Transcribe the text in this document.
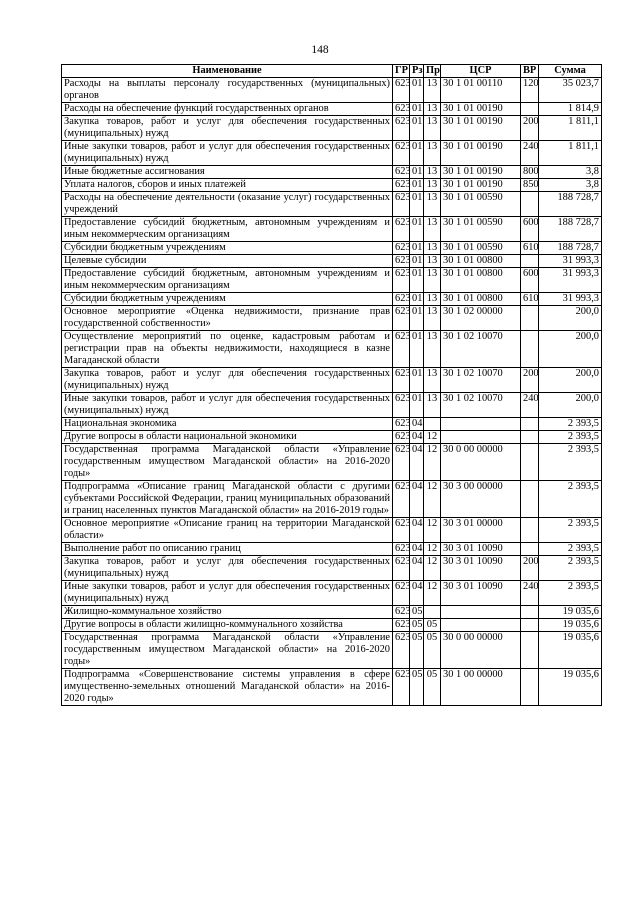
148
Наименование	ГР	Рз	Пр	ЦСР	ВР	Сумма
Расходы на выплаты персоналу государственных (муниципальных) органов	623	01	13	30 1 01 00110	120	35 023,7
Расходы на обеспечение функций государственных органов	623	01	13	30 1 01 00190		1 814,9
Закупка товаров, работ и услуг для обеспечения государственных (муниципальных) нужд	623	01	13	30 1 01 00190	200	1 811,1
Иные закупки товаров, работ и услуг для обеспечения государственных (муниципальных) нужд	623	01	13	30 1 01 00190	240	1 811,1
Иные бюджетные ассигнования	623	01	13	30 1 01 00190	800	3,8
Уплата налогов, сборов и иных платежей	623	01	13	30 1 01 00190	850	3,8
Расходы на обеспечение деятельности (оказание услуг) государственных учреждений	623	01	13	30 1 01 00590		188 728,7
Предоставление субсидий бюджетным, автономным учреждениям и иным некоммерческим организациям	623	01	13	30 1 01 00590	600	188 728,7
Субсидии бюджетным учреждениям	623	01	13	30 1 01 00590	610	188 728,7
Целевые субсидии	623	01	13	30 1 01 00800		31 993,3
Предоставление субсидий бюджетным, автономным учреждениям и иным некоммерческим организациям	623	01	13	30 1 01 00800	600	31 993,3
Субсидии бюджетным учреждениям	623	01	13	30 1 01 00800	610	31 993,3
Основное мероприятие «Оценка недвижимости, признание прав государственной собственности»	623	01	13	30 1 02 00000		200,0
Осуществление мероприятий по оценке, кадастровым работам и регистрации прав на объекты недвижимости, находящиеся в казне Магаданской области	623	01	13	30 1 02 10070		200,0
Закупка товаров, работ и услуг для обеспечения государственных (муниципальных) нужд	623	01	13	30 1 02 10070	200	200,0
Иные закупки товаров, работ и услуг для обеспечения государственных (муниципальных) нужд	623	01	13	30 1 02 10070	240	200,0
Национальная экономика	623	04				2 393,5
Другие вопросы в области национальной экономики	623	04	12			2 393,5
Государственная программа Магаданской области «Управление государственным имуществом Магаданской области» на 2016-2020 годы»	623	04	12	30 0 00 00000		2 393,5
Подпрограмма «Описание границ Магаданской области с другими субъектами Российской Федерации, границ муниципальных образований и границ населенных пунктов Магаданской области» на 2016-2019 годы»	623	04	12	30 3 00 00000		2 393,5
Основное мероприятие «Описание границ на территории Магаданской области»	623	04	12	30 3 01 00000		2 393,5
Выполнение работ по описанию границ	623	04	12	30 3 01 10090		2 393,5
Закупка товаров, работ и услуг для обеспечения государственных (муниципальных) нужд	623	04	12	30 3 01 10090	200	2 393,5
Иные закупки товаров, работ и услуг для обеспечения государственных (муниципальных) нужд	623	04	12	30 3 01 10090	240	2 393,5
Жилищно-коммунальное хозяйство	623	05				19 035,6
Другие вопросы в области жилищно-коммунального хозяйства	623	05	05			19 035,6
Государственная программа Магаданской области «Управление государственным имуществом Магаданской области» на 2016-2020 годы»	623	05	05	30 0 00 00000		19 035,6
Подпрограмма «Совершенствование системы управления в сфере имущественно-земельных отношений Магаданской области» на 2016-2020 годы»	623	05	05	30 1 00 00000		19 035,6
